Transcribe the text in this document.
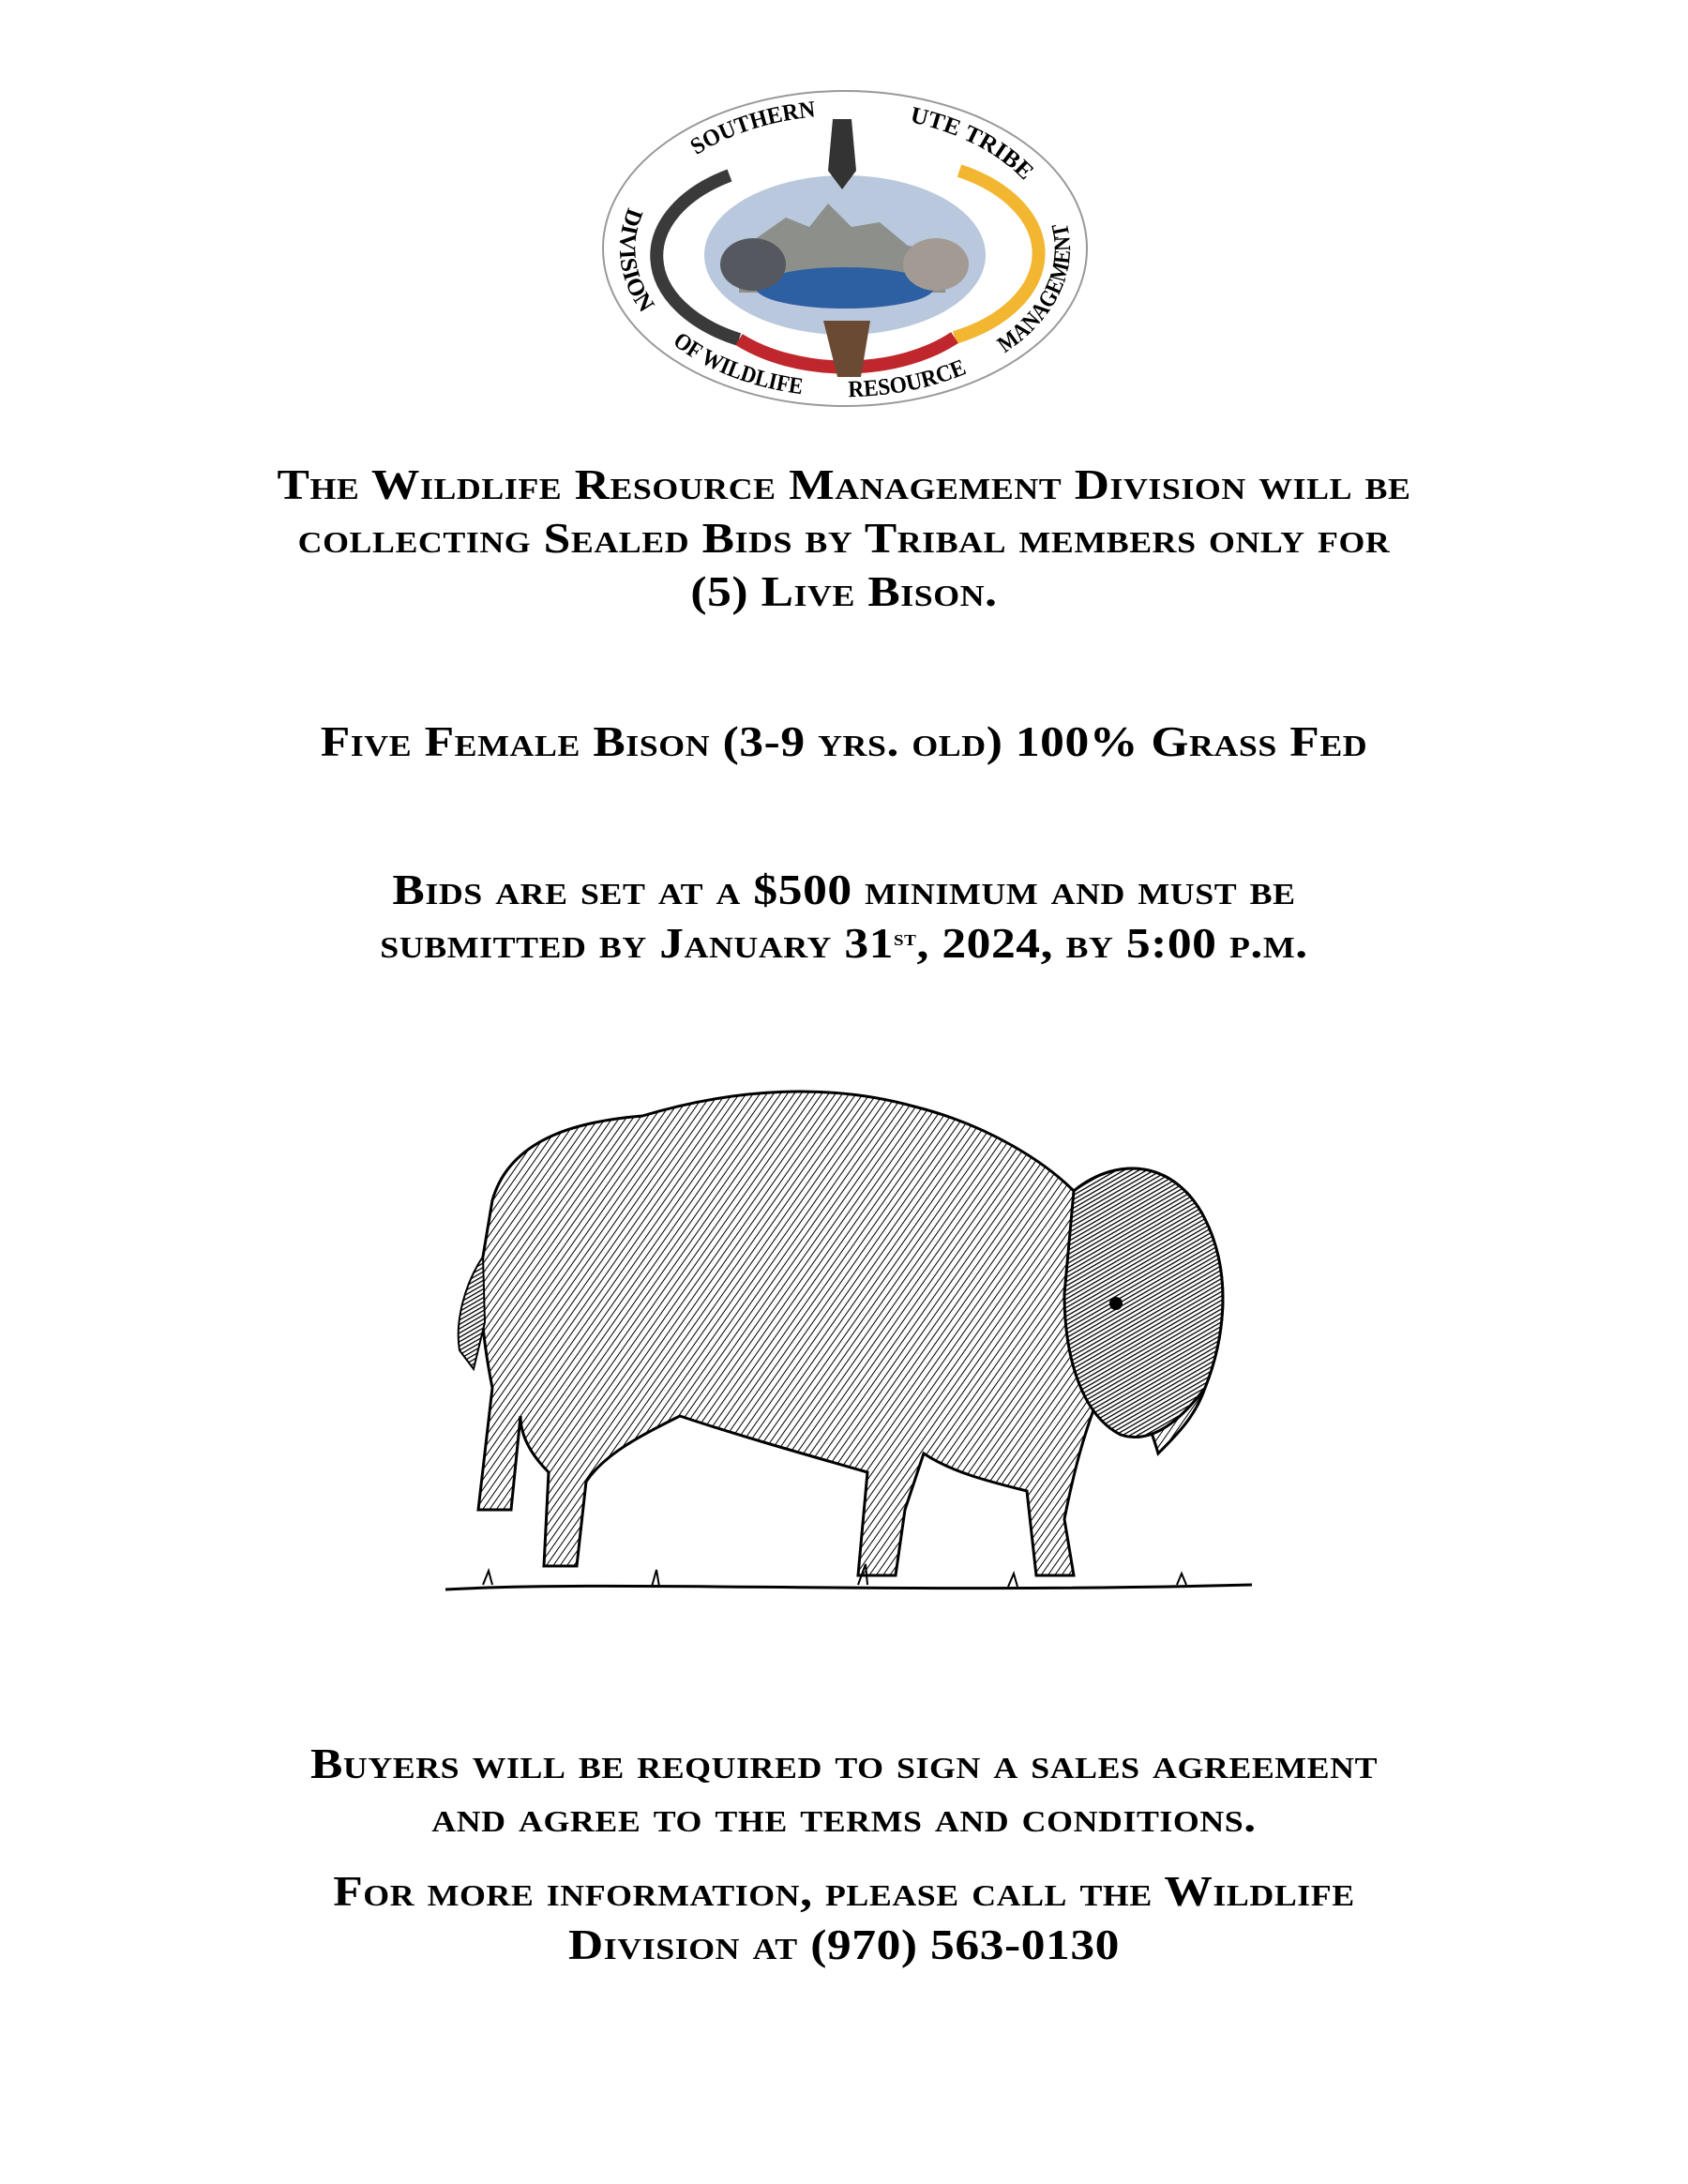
SOUTHERN	UTE TRIBE
DIVISION
OF WILDLIFE RESOURCE
MANAGEMENT
The Wildlife Resource Management Division will be
collecting Sealed Bids by Tribal members only for
(5) Live Bison.
Five Female Bison (3-9 yrs. old) 100% Grass Fed
Bids are set at a $500 minimum and must be
submitted by January 31st, 2024, by 5:00 p.m.
Buyers will be required to sign a sales agreement
and agree to the terms and conditions.
For more information, please call the Wildlife
Division at (970) 563-0130
